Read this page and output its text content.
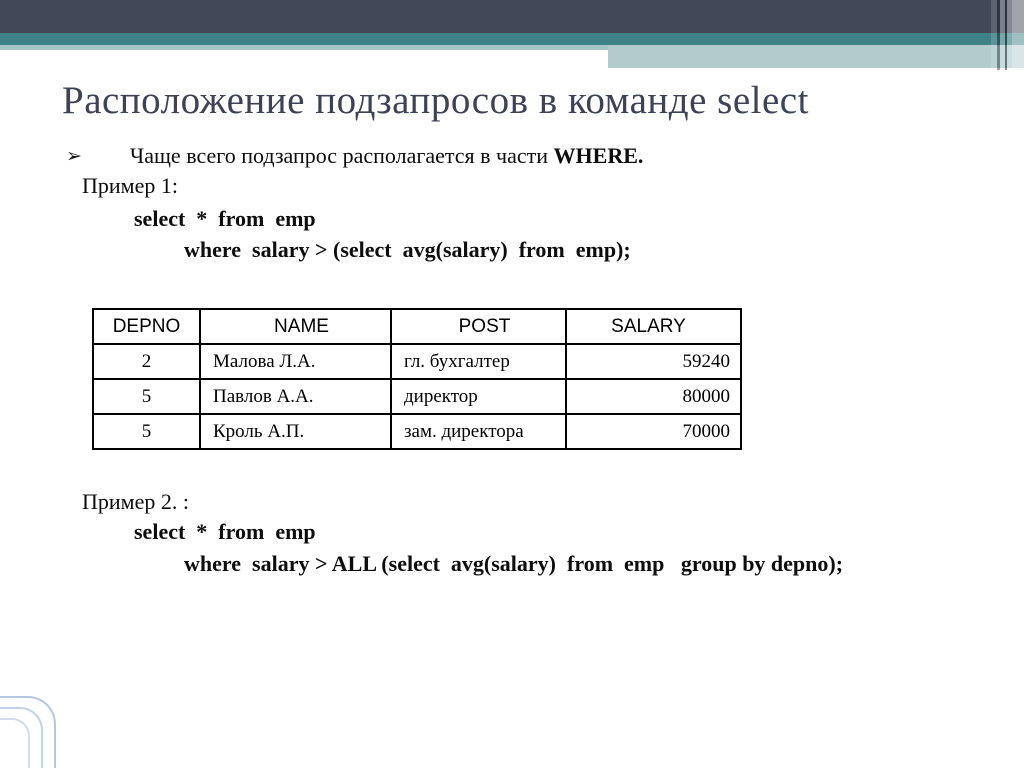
Расположение подзапросов в команде select
➢ Чаще всего подзапрос располагается в части WHERE.
Пример 1:
select  *  from  emp
where  salary > (select  avg(salary)  from  emp);
DEPNO	NAME	POST	SALARY
2	Малова Л.А.	гл. бухгалтер	59240
5	Павлов А.А.	директор	80000
5	Кроль А.П.	зам. директора	70000
Пример 2. :
select  *  from  emp
where  salary > ALL (select  avg(salary)  from  emp   group by depno);
